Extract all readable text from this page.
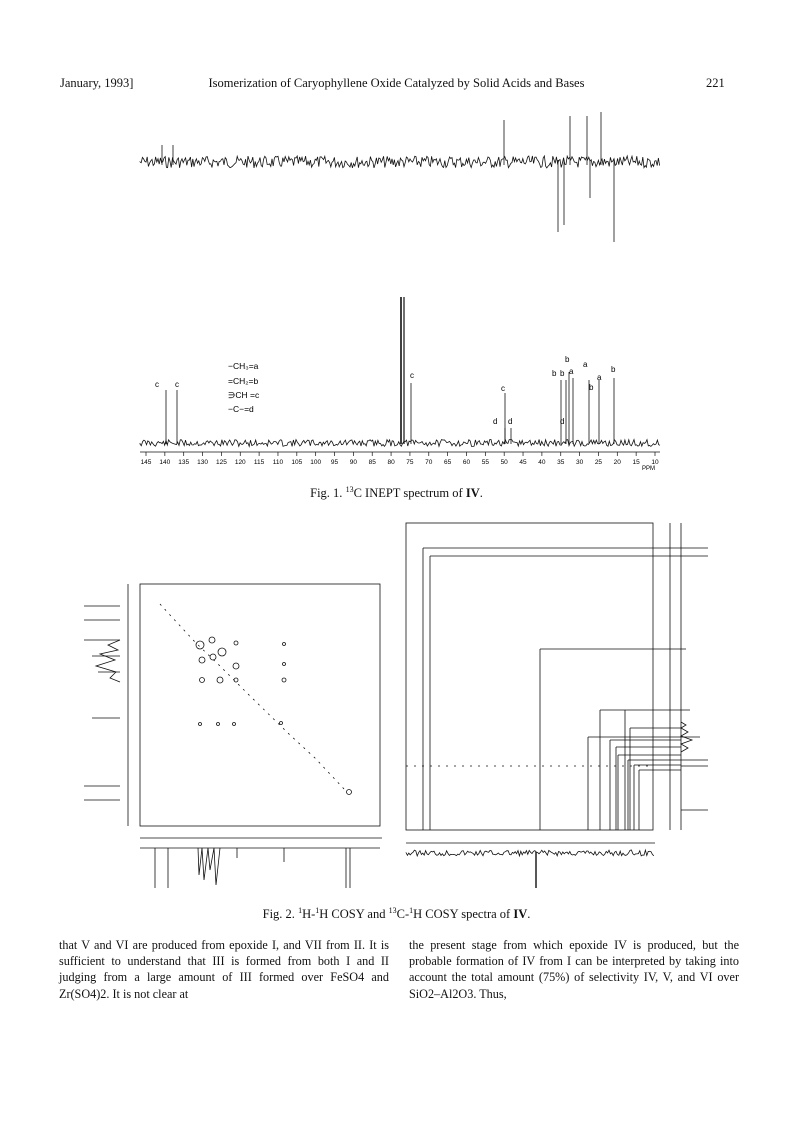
January, 1993]	Isomerization of Caryophyllene Oxide Catalyzed by Solid Acids and Bases	221
145 140 135 130 125 120 115 110 105 100 95 90 85 80 75 70 65 60 55 50 45 40 35 30 25 20 15 10
PPM
−CH₃=a
=CH₂=b
∋CH =c
−C−=d
c c
c
c
d d	d
b b a
b
a
b
b
a
Fig. 1. $^{13}$C INEPT spectrum of IV.
Fig. 2. $^1$H-$^1$H COSY and $^{13}$C-$^1$H COSY spectra of IV.
that V and VI are produced from epoxide I, and VII from II. It is sufficient to understand that III is formed from both I and II judging from a large amount of III formed over FeSO4 and Zr(SO4)2. It is not clear at
the present stage from which epoxide IV is produced, but the probable formation of IV from I can be interpreted by taking into account the total amount (75%) of selectivity IV, V, and VI over SiO2–Al2O3. Thus,
